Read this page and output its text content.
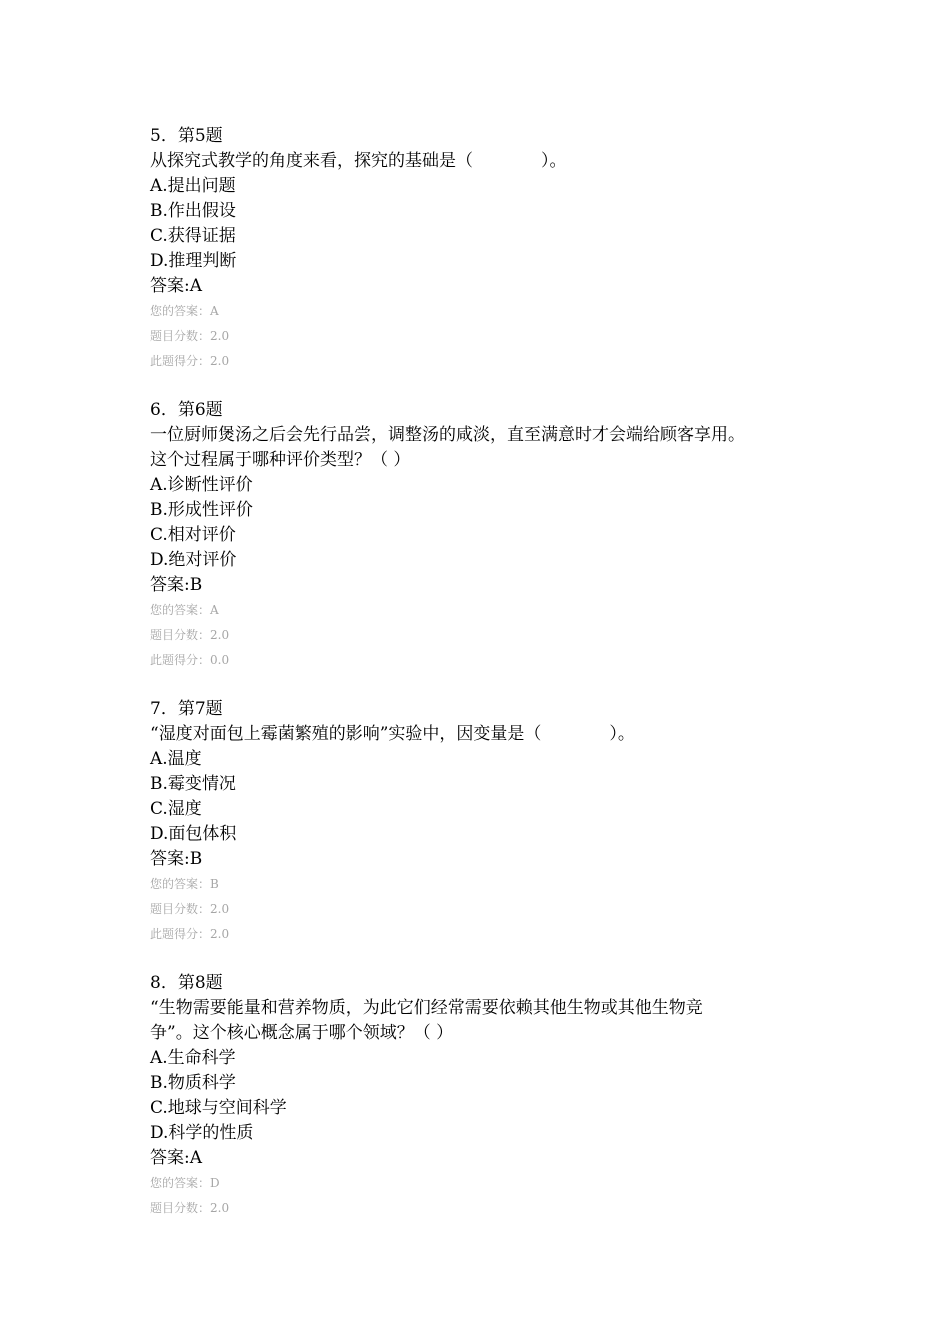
5．第5题
从探究式教学的角度来看，探究的基础是（　　　　）。
A.提出问题
B.作出假设
C.获得证据
D.推理判断
答案:A
您的答案：A
题目分数：2.0
此题得分：2.0
6．第6题
一位厨师煲汤之后会先行品尝，调整汤的咸淡，直至满意时才会端给顾客享用。
这个过程属于哪种评价类型？（ ）
A.诊断性评价
B.形成性评价
C.相对评价
D.绝对评价
答案:B
您的答案：A
题目分数：2.0
此题得分：0.0
7．第7题
“湿度对面包上霉菌繁殖的影响”实验中，因变量是（　　　　）。
A.温度
B.霉变情况
C.湿度
D.面包体积
答案:B
您的答案：B
题目分数：2.0
此题得分：2.0
8．第8题
“生物需要能量和营养物质，为此它们经常需要依赖其他生物或其他生物竞
争”。这个核心概念属于哪个领域？（ ）
A.生命科学
B.物质科学
C.地球与空间科学
D.科学的性质
答案:A
您的答案：D
题目分数：2.0
